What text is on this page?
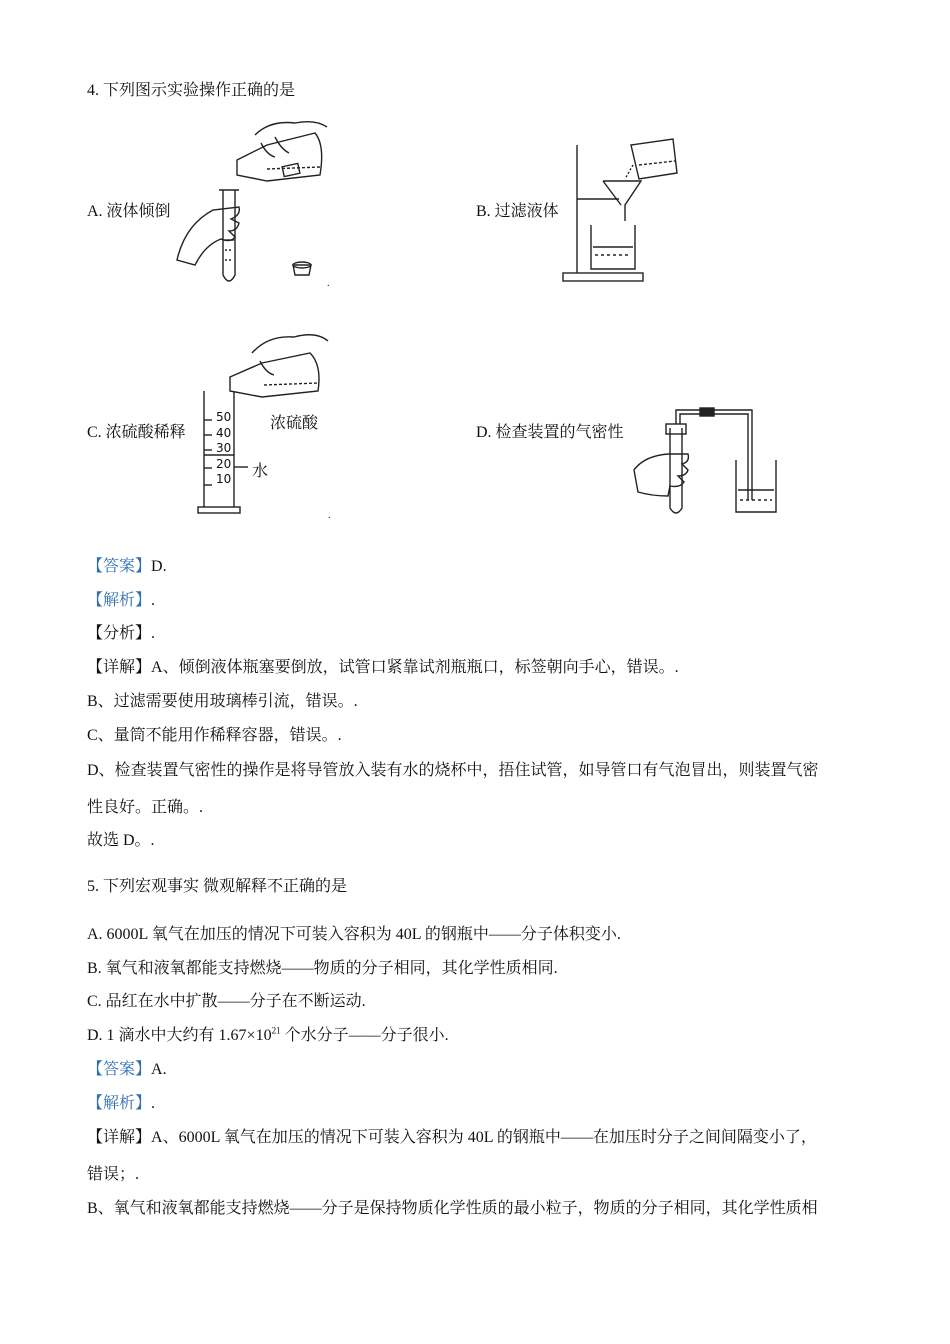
4. 下列图示实验操作正确的是
.
A. 液体倾倒	B. 过滤液体
50
40
30
20
10
浓硫酸
水
.
C. 浓硫酸稀释	D. 检查装置的气密性
【答案】D.
【解析】.
【分析】.
【详解】A、倾倒液体瓶塞要倒放，试管口紧靠试剂瓶瓶口，标签朝向手心，错误。.
B、过滤需要使用玻璃棒引流，错误。.
C、量筒不能用作稀释容器，错误。.
D、检查装置气密性的操作是将导管放入装有水的烧杯中，捂住试管，如导管口有气泡冒出，则装置气密
性良好。正确。.
故选 D。.
5. 下列宏观事实 微观解释不正确的是
A. 6000L 氧气在加压的情况下可装入容积为 40L 的钢瓶中——分子体积变小.
B. 氧气和液氧都能支持燃烧——物质的分子相同，其化学性质相同.
C. 品红在水中扩散——分子在不断运动.
D. 1 滴水中大约有 $1.67\times 10^{21}$ 个水分子——分子很小.
【答案】A.
【解析】.
【详解】A、6000L 氧气在加压的情况下可装入容积为 40L 的钢瓶中——在加压时分子之间间隔变小了，
错误；.
B、氧气和液氧都能支持燃烧——分子是保持物质化学性质的最小粒子，物质的分子相同，其化学性质相
